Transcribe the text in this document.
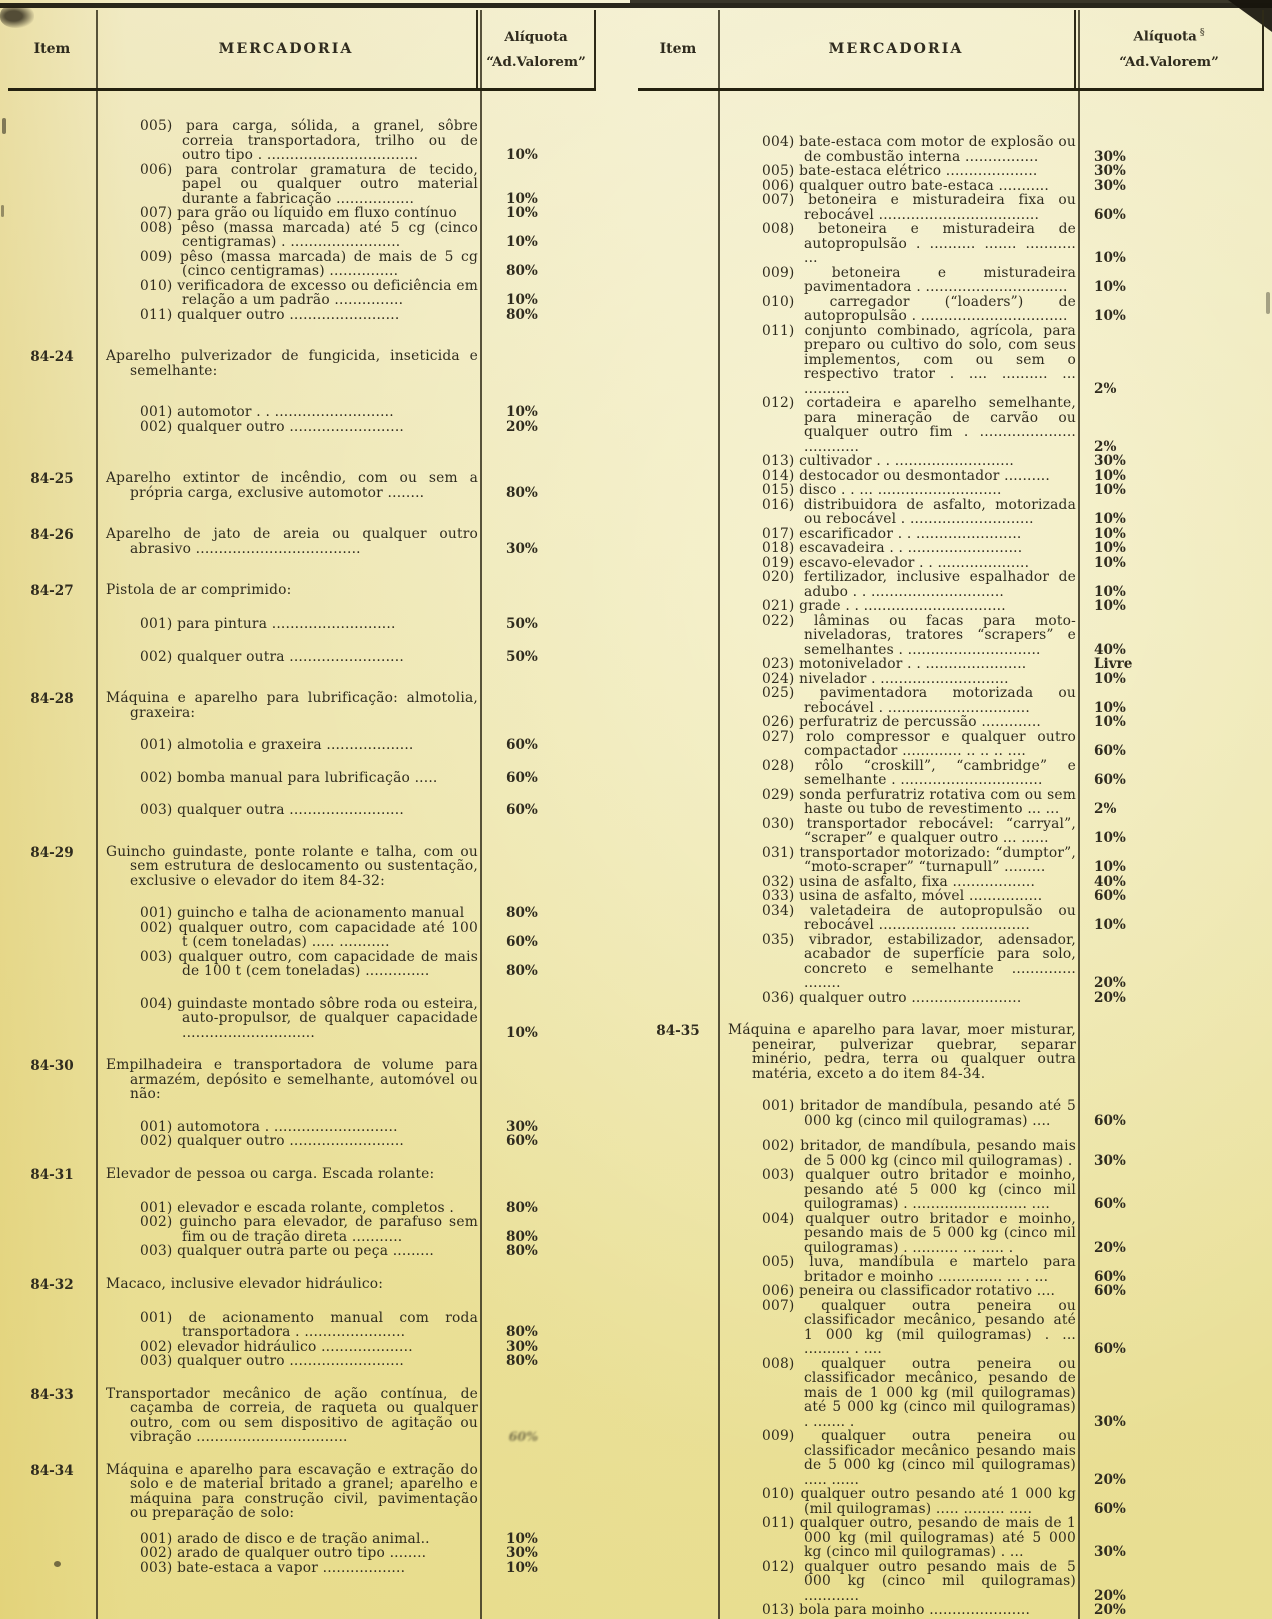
Item	MERCADORIA
Alíquota
“Ad.Valorem”
005) para carga, sólida, a granel, sôbre correia transportadora, trilho ou de outro tipo . .................................	10%
006) para controlar gramatura de tecido, papel ou qualquer outro material durante a fabricação .................	10%
007) para grão ou líquido em fluxo contínuo	10%
008) pêso (massa marcada) até 5 cg (cinco centigramas) . ........................	10%
009) pêso (massa marcada) de mais de 5 cg (cinco centigramas) ...............	80%
010) verificadora de excesso ou deficiência em relação a um padrão ...............	10%
011) qualquer outro ........................	80%
84-24	Aparelho pulverizador de fungicida, inseticida e semelhante:
001) automotor . . ..........................	10%
002) qualquer outro .........................	20%
84-25	Aparelho extintor de incêndio, com ou sem a própria carga, exclusive automotor ........	80%
84-26	Aparelho de jato de areia ou qualquer outro abrasivo ....................................	30%
84-27	Pistola de ar comprimido:
001) para pintura ...........................	50%
002) qualquer outra .........................	50%
84-28	Máquina e aparelho para lubrificação: almotolia, graxeira:
001) almotolia e graxeira ...................	60%
002) bomba manual para lubrificação .....	60%
003) qualquer outra .........................	60%
84-29	Guincho guindaste, ponte rolante e talha, com ou sem estrutura de deslocamento ou sustentação, exclusive o elevador do item 84-32:
001) guincho e talha de acionamento manual	80%
002) qualquer outro, com capacidade até 100 t (cem toneladas) ..... ...........	60%
003) qualquer outro, com capacidade de mais de 100 t (cem toneladas) ..............	80%
004) guindaste montado sôbre roda ou esteira, auto-propulsor, de qualquer capacidade .............................	10%
84-30	Empilhadeira e transportadora de volume para armazém, depósito e semelhante, automóvel ou não:
001) automotora . ...........................	30%
002) qualquer outro .........................	60%
84-31	Elevador de pessoa ou carga. Escada rolante:
001) elevador e escada rolante, completos .	80%
002) guincho para elevador, de parafuso sem fim ou de tração direta ...........	80%
003) qualquer outra parte ou peça .........	80%
84-32	Macaco, inclusive elevador hidráulico:
001) de acionamento manual com roda transportadora . ......................	80%
002) elevador hidráulico ....................	30%
003) qualquer outro .........................	80%
84-33	Transportador mecânico de ação contínua, de caçamba de correia, de raqueta ou qualquer outro, com ou sem dispositivo de agitação ou vibração .................................	60%
84-34	Máquina e aparelho para escavação e extração do solo e de material britado a granel; aparelho e máquina para construção civil, pavimentação ou preparação de solo:
001) arado de disco e de tração animal..	10%
002) arado de qualquer outro tipo ........	30%
003) bate-estaca a vapor ..................	10%
Item	MERCADORIA
Alíquota §
“Ad.Valorem”
004) bate-estaca com motor de explosão ou de combustão interna ................	30%
005) bate-estaca elétrico ....................	30%
006) qualquer outro bate-estaca ...........	30%
007) betoneira e misturadeira fixa ou rebocável ...................................	60%
008) betoneira e misturadeira de autopropulsão . .......... ....... ........... ...	10%
009) betoneira e misturadeira pavimentadora . ...............................	10%
010) carregador (“loaders”) de autopropulsão . ................................	10%
011) conjunto combinado, agrícola, para preparo ou cultivo do solo, com seus implementos, com ou sem o respectivo trator . .... .......... ... ..........	2%
012) cortadeira e aparelho semelhante, para mineração de carvão ou qualquer outro fim . ..................... ............	2%
013) cultivador . . ..........................	30%
014) destocador ou desmontador ..........	10%
015) disco . . ... ...........................	10%
016) distribuidora de asfalto, motorizada ou rebocável . ...........................	10%
017) escarificador . . .......................	10%
018) escavadeira . . .........................	10%
019) escavo-elevador . . ....................	10%
020) fertilizador, inclusive espalhador de adubo . . .............................	10%
021) grade . . ...............................	10%
022) lâminas ou facas para moto-niveladoras, tratores “scrapers” e semelhantes . .............................	40%
023) motonivelador . . ......................	Livre
024) nivelador . ............................	10%
025) pavimentadora motorizada ou rebocável . ...............................	10%
026) perfuratriz de percussão .............	10%
027) rolo compressor e qualquer outro compactador ............. .. .. .. ....	60%
028) rôlo “croskill”, “cambridge” e semelhante . ...............................	60%
029) sonda perfuratriz rotativa com ou sem haste ou tubo de revestimento ... ...	2%
030) transportador rebocável: “carryal”, “scraper” e qualquer outro ... ......	10%
031) transportador motorizado: “dumptor”, “moto-scraper” “turnapull” .........	10%
032) usina de asfalto, fixa ..................	40%
033) usina de asfalto, móvel ................	60%
034) valetadeira de autopropulsão ou rebocável ................. ...............	10%
035) vibrador, estabilizador, adensador, acabador de superfície para solo, concreto e semelhante .............. ........	20%
036) qualquer outro ........................	20%
84-35	Máquina e aparelho para lavar, moer misturar, peneirar, pulverizar quebrar, separar minério, pedra, terra ou qualquer outra matéria, exceto a do item 84-34.
001) britador de mandíbula, pesando até 5 000 kg (cinco mil quilogramas) ....	60%
002) britador, de mandíbula, pesando mais de 5 000 kg (cinco mil quilogramas) .	30%
003) qualquer outro britador e moinho, pesando até 5 000 kg (cinco mil quilogramas) . ......................... ....	60%
004) qualquer outro britador e moinho, pesando mais de 5 000 kg (cinco mil quilogramas) . .......... ... ..... .	20%
005) luva, mandíbula e martelo para britador e moinho .............. ... . ...	60%
006) peneira ou classificador rotativo ....	60%
007) qualquer outra peneira ou classificador mecânico, pesando até 1 000 kg (mil quilogramas) . ... .......... . ....	60%
008) qualquer outra peneira ou classificador mecânico, pesando de mais de 1 000 kg (mil quilogramas) até 5 000 kg (cinco mil quilogramas) . ....... .	30%
009) qualquer outra peneira ou classificador mecânico pesando mais de 5 000 kg (cinco mil quilogramas) ..... ......	20%
010) qualquer outro pesando até 1 000 kg (mil quilogramas) ..... ......... .....	60%
011) qualquer outro, pesando de mais de 1 000 kg (mil quilogramas) até 5 000 kg (cinco mil quilogramas) . ...	30%
012) qualquer outro pesando mais de 5 000 kg (cinco mil quilogramas) ............	20%
013) bola para moinho ......................	20%
